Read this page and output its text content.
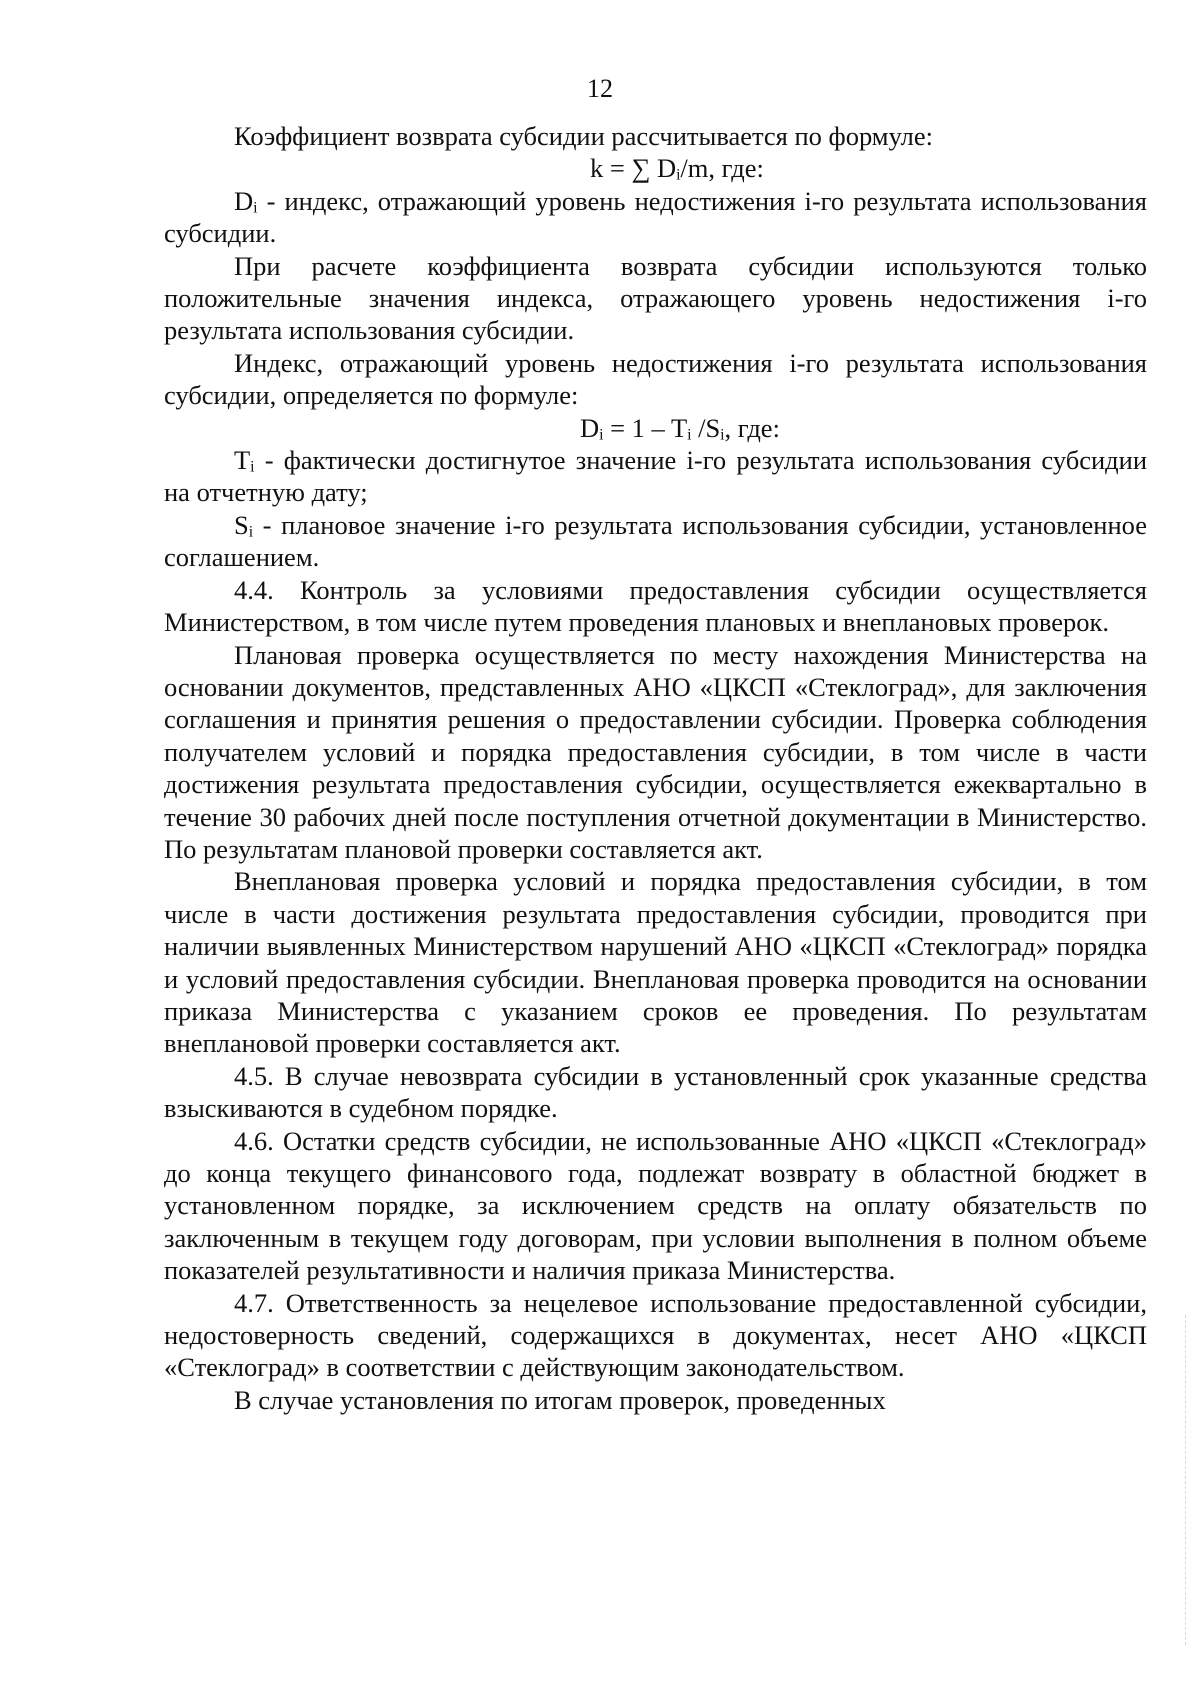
12

Коэффициент возврата субсидии рассчитывается по формуле:

k = ∑ Dᵢ/m, где:

Dᵢ - индекс, отражающий уровень недостижения i-го результата использования субсидии.

При расчете коэффициента возврата субсидии используются только положительные значения индекса, отражающего уровень недостижения i-го результата использования субсидии.

Индекс, отражающий уровень недостижения i-го результата использования субсидии, определяется по формуле:

Dᵢ = 1 – Tᵢ /Sᵢ, где:

Tᵢ - фактически достигнутое значение i-го результата использования субсидии на отчетную дату;

Sᵢ - плановое значение i-го результата использования субсидии, установленное соглашением.

4.4. Контроль за условиями предоставления субсидии осуществляется Министерством, в том числе путем проведения плановых и внеплановых проверок.

Плановая проверка осуществляется по месту нахождения Министерства на основании документов, представленных АНО «ЦКСП «Стеклоград», для заключения соглашения и принятия решения о предоставлении субсидии. Проверка соблюдения получателем условий и порядка предоставления субсидии, в том числе в части достижения результата предоставления субсидии, осуществляется ежеквартально в течение 30 рабочих дней после поступления отчетной документации в Министерство. По результатам плановой проверки составляется акт.

Внеплановая проверка условий и порядка предоставления субсидии, в том числе в части достижения результата предоставления субсидии, проводится при наличии выявленных Министерством нарушений АНО «ЦКСП «Стеклоград» порядка и условий предоставления субсидии. Внеплановая проверка проводится на основании приказа Министерства с указанием сроков ее проведения. По результатам внеплановой проверки составляется акт.

4.5. В случае невозврата субсидии в установленный срок указанные средства взыскиваются в судебном порядке.

4.6. Остатки средств субсидии, не использованные АНО «ЦКСП «Стеклоград» до конца текущего финансового года, подлежат возврату в областной бюджет в установленном порядке, за исключением средств на оплату обязательств по заключенным в текущем году договорам, при условии выполнения в полном объеме показателей результативности и наличия приказа Министерства.

4.7. Ответственность за нецелевое использование предоставленной субсидии, недостоверность сведений, содержащихся в документах, несет АНО «ЦКСП «Стеклоград» в соответствии с действующим законодательством.

В случае установления по итогам проверок, проведенных
